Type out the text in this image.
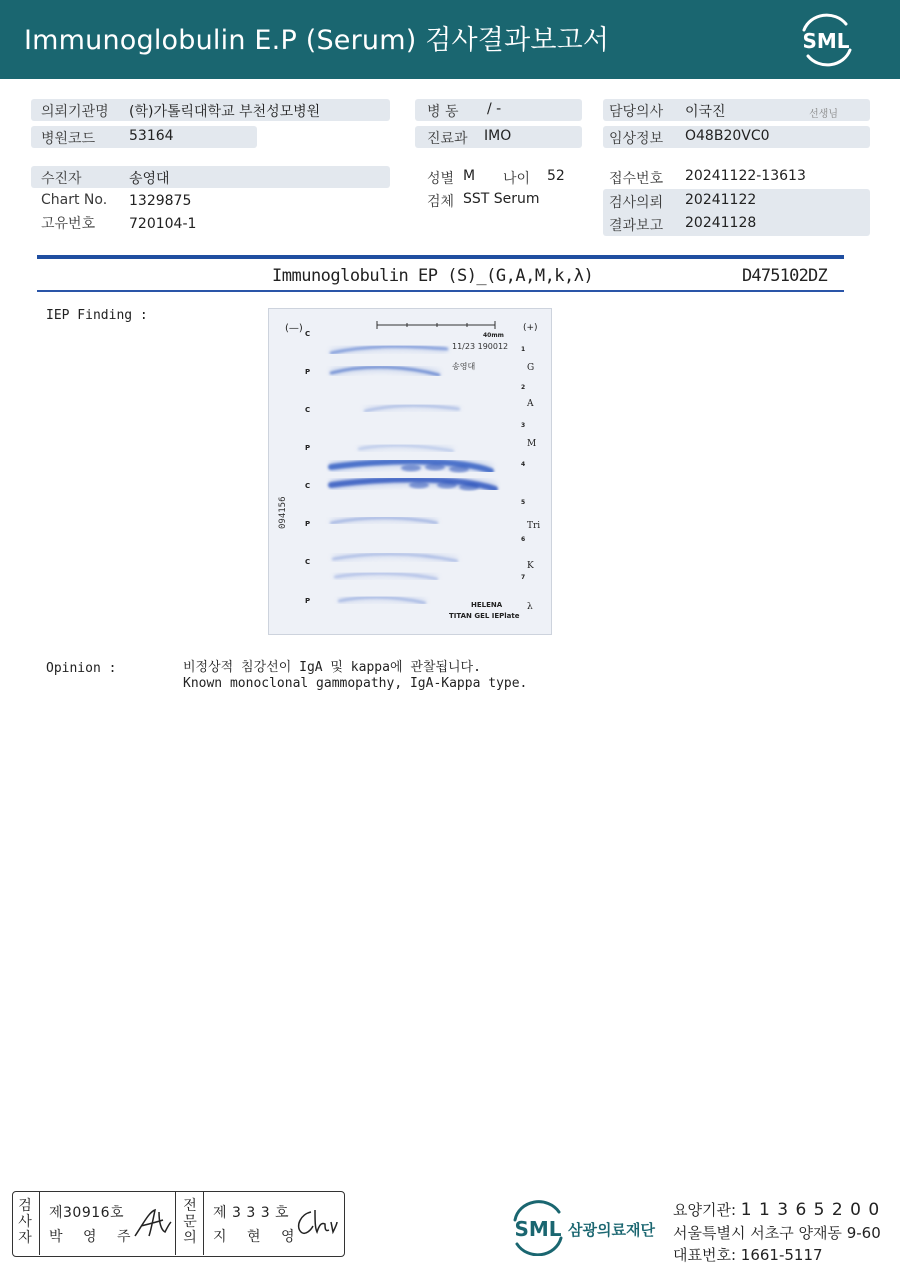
Immunoglobulin E.P (Serum) 검사결과보고서	SML
의뢰기관명 (학)가톨릭대학교 부천성모병원
병원코드 53164
수진자	송영대
Chart No. 1329875
고유번호 720104-1
병 동 / -
진료과 IMO
성별 M 나이 52
검체 SST Serum
담당의사 이국진	선생님
임상정보 O48B20VC0
접수번호 20241122-13613
검사의뢰 20241122
결과보고 20241128
Immunoglobulin EP (S)_(G,A,M,k,λ)	D475102DZ
IEP Finding :
(—)
40mm
(+)
11/23 190012
송영대
094156
HELENA
TITAN GEL IEPlate
C
P
C
P
C
P
C
P
1
2
3
4
5
6
7
G
A
M
Tri
K
λ
Opinion :	비정상적 침강선이 IgA 및 kappa에 관찰됩니다.
Known monoclonal gammopathy, IgA-Kappa type.
검
사
자
제30916호
박 영 주
전
문
의
제 3 3 3 호
지 현 영	SML 삼광의료재단
요양기관: 1 1 3 6 5 2 0 0
서울특별시 서초구 양재동 9-60
대표번호: 1661-5117
